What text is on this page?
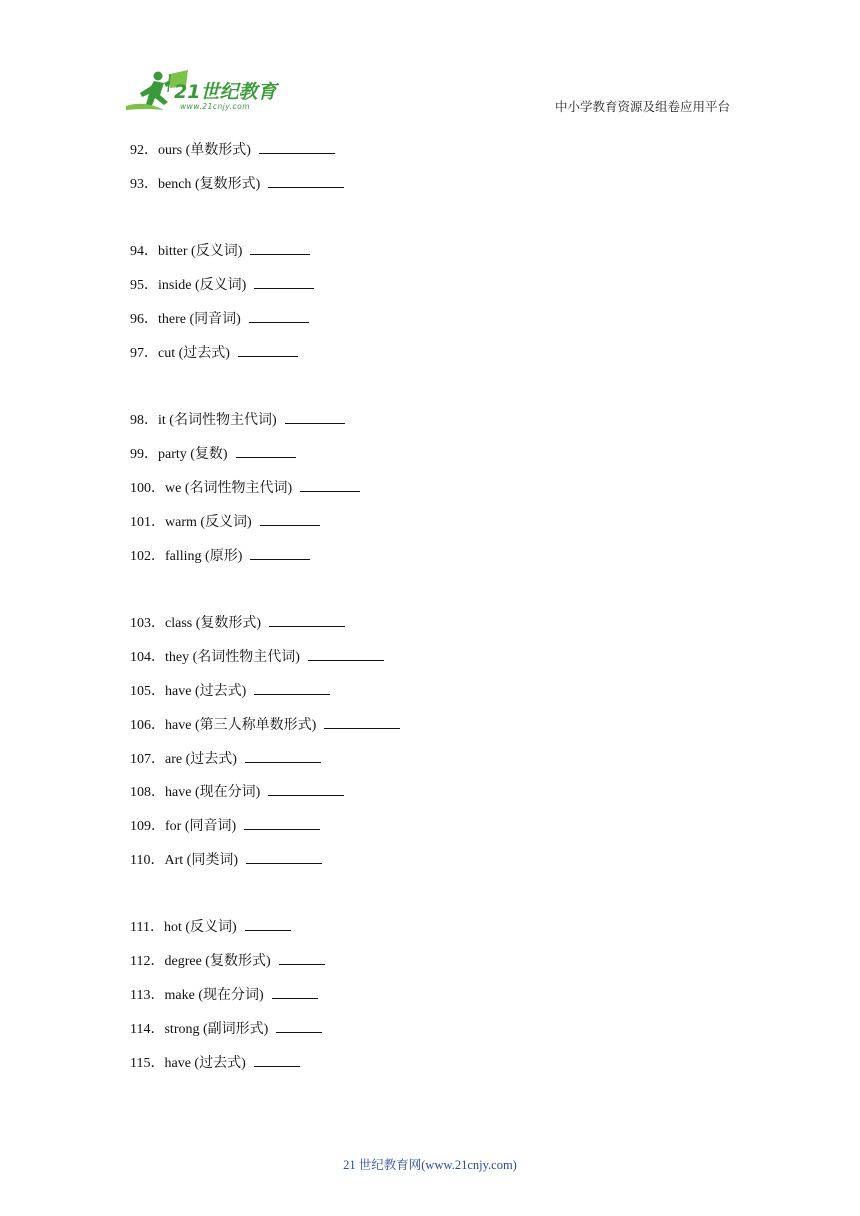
21世纪教育
www.21cnjy.com	中小学教育资源及组卷应用平台
92．ours (单数形式)
93．bench (复数形式)
94．bitter (反义词)
95．inside (反义词)
96．there (同音词)
97．cut (过去式)
98．it (名词性物主代词)
99．party (复数)
100．we (名词性物主代词)
101．warm (反义词)
102．falling (原形)
103．class (复数形式)
104．they (名词性物主代词)
105．have (过去式)
106．have (第三人称单数形式)
107．are (过去式)
108．have (现在分词)
109．for (同音词)
110．Art (同类词)
111．hot (反义词)
112．degree (复数形式)
113．make (现在分词)
114．strong (副词形式)
115．have (过去式)
21 世纪教育网(www.21cnjy.com)
